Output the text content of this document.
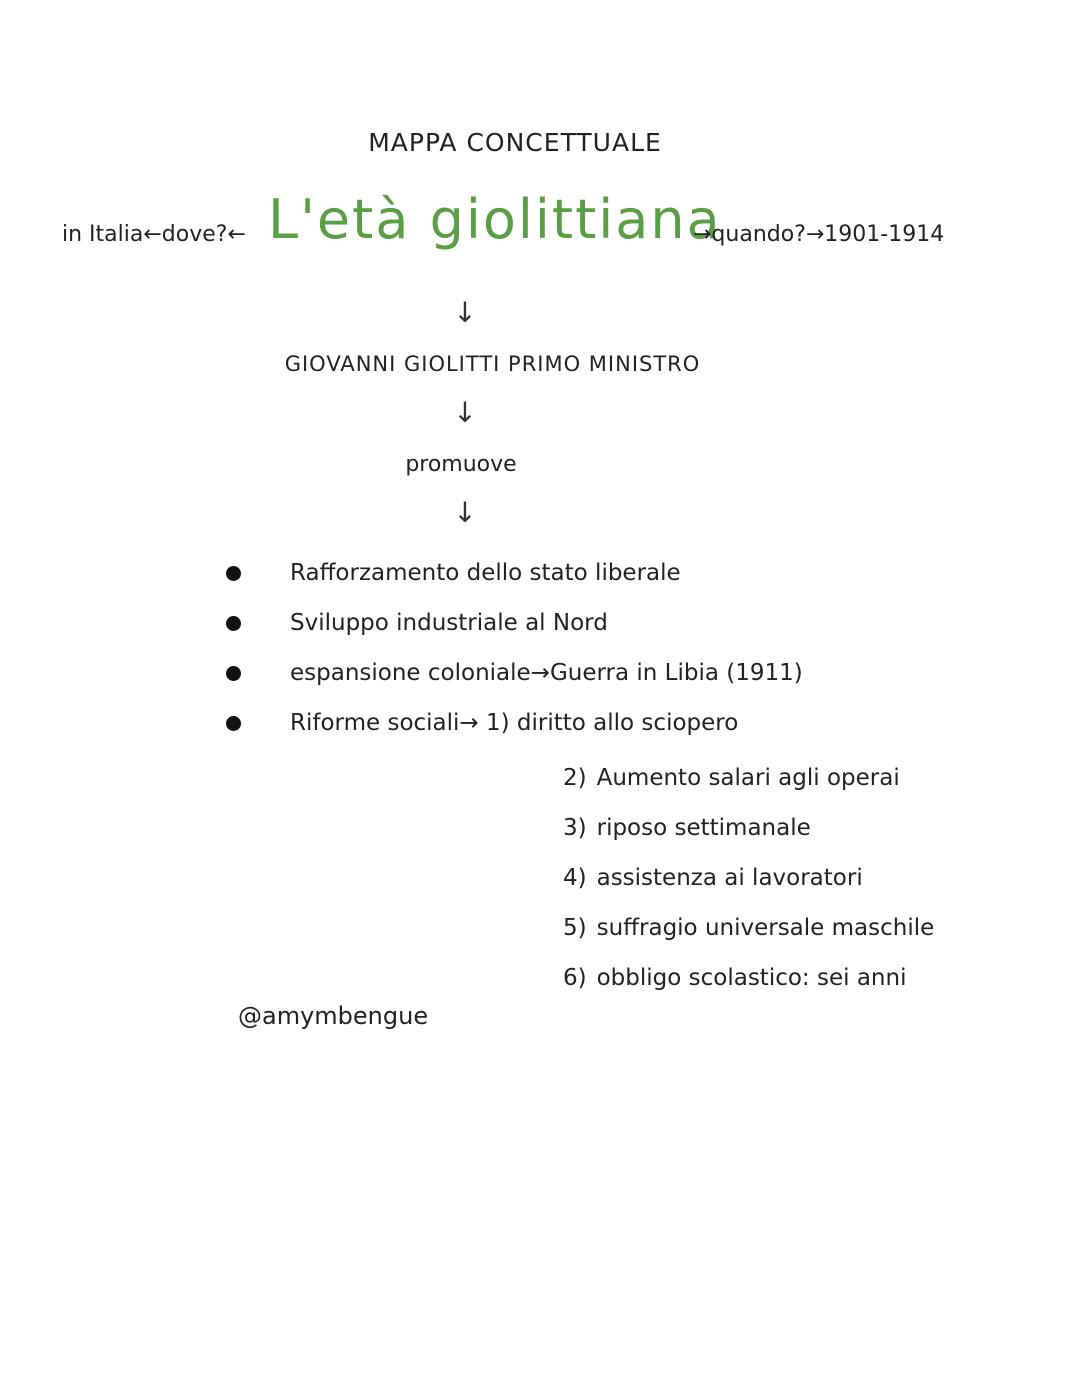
MAPPA CONCETTUALE
in Italia←dove?← L'età giolittiana
→quando?→1901-1914
↓
GIOVANNI GIOLITTI PRIMO MINISTRO
↓
promuove
↓
Rafforzamento dello stato liberale
Sviluppo industriale al Nord
espansione coloniale→Guerra in Libia (1911)
Riforme sociali→ 1) diritto allo sciopero
2) Aumento salari agli operai
3) riposo settimanale
4) assistenza ai lavoratori
5) suffragio universale maschile
6) obbligo scolastico: sei anni
@amymbengue
